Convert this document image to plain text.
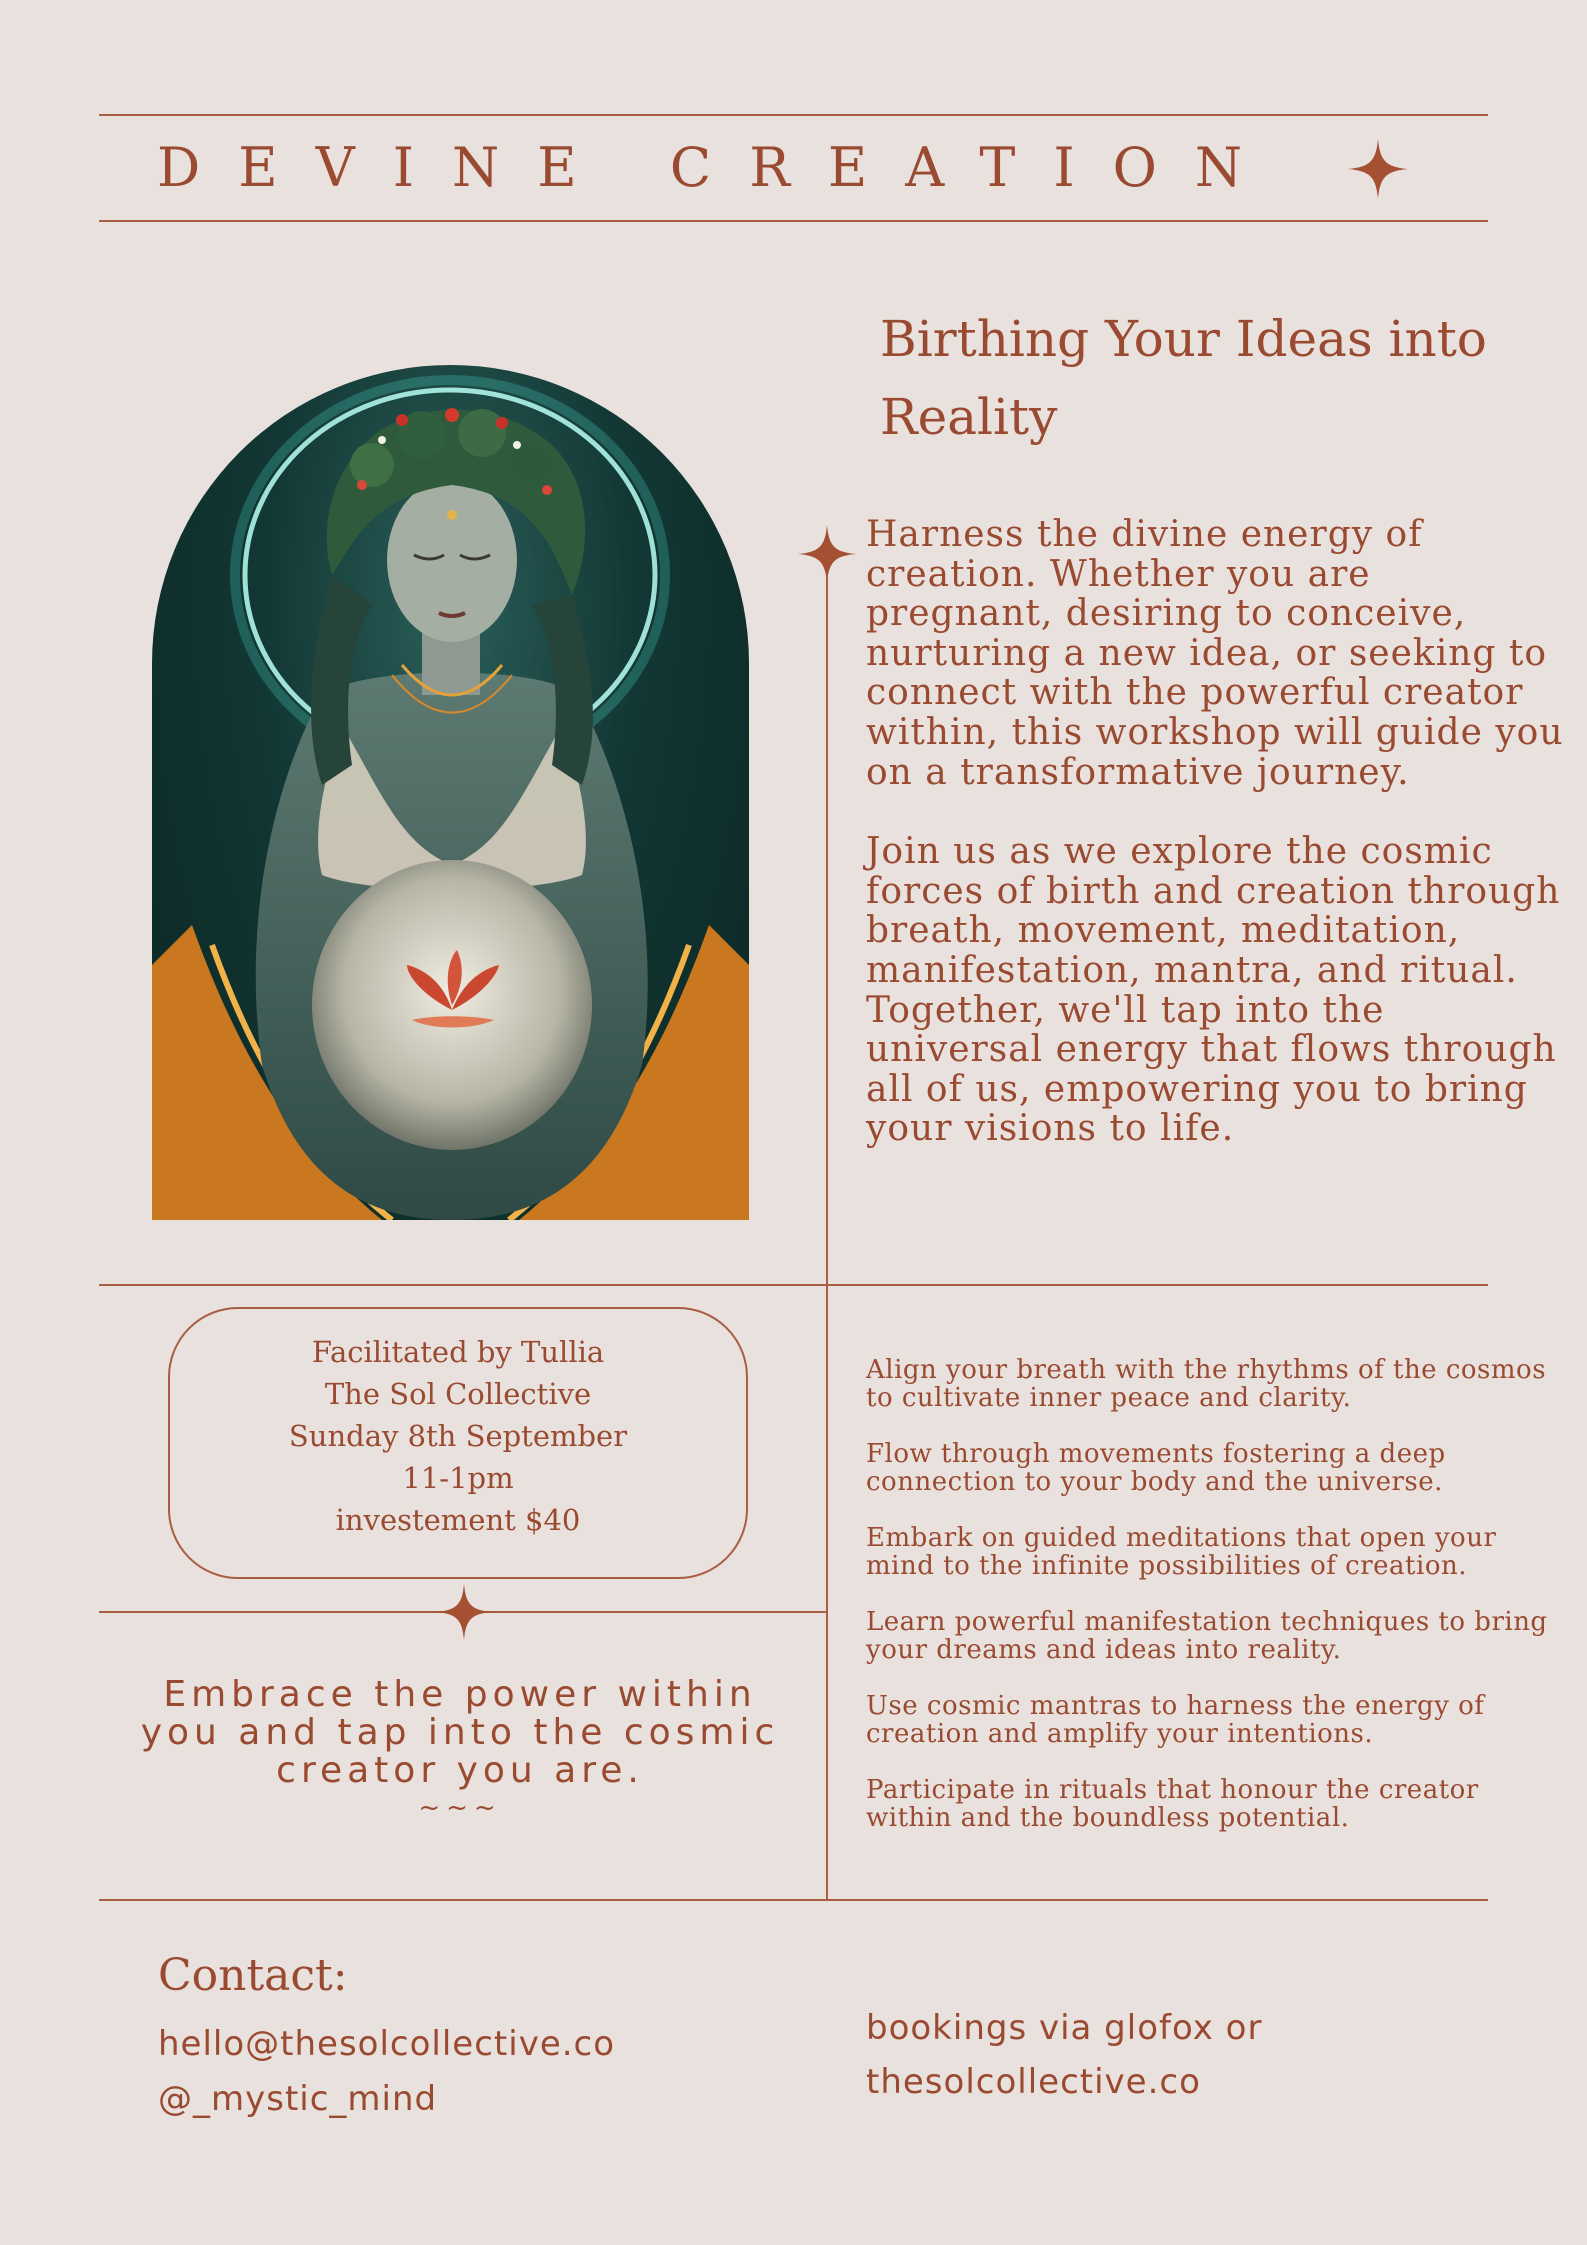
DEVINE CREATION
Birthing Your Ideas into Reality

Harness the divine energy of creation. Whether you are pregnant, desiring to conceive, nurturing a new idea, or seeking to connect with the powerful creator within, this workshop will guide you on a transformative journey.

Join us as we explore the cosmic forces of birth and creation through breath, movement, meditation, manifestation, mantra, and ritual. Together, we'll tap into the universal energy that flows through all of us, empowering you to bring your visions to life.

Facilitated by Tullia
The Sol Collective
Sunday 8th September
11-1pm
investement $40
Embrace the power within you and tap into the cosmic creator you are.
~~~

Align your breath with the rhythms of the cosmos to cultivate inner peace and clarity.

Flow through movements fostering a deep connection to your body and the universe.

Embark on guided meditations that open your mind to the infinite possibilities of creation.

Learn powerful manifestation techniques to bring your dreams and ideas into reality.

Use cosmic mantras to harness the energy of creation and amplify your intentions.

Participate in rituals that honour the creator within and the boundless potential.

Contact:
hello@thesolcollective.co
@_mystic_mind
bookings via glofox or thesolcollective.co
